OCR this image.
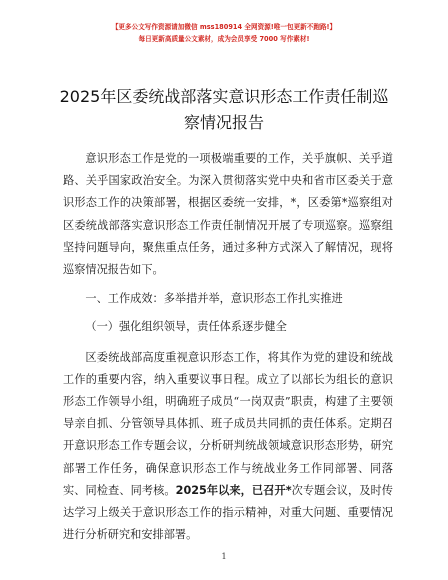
【更多公文写作资源请加微信 mss180914 全网资源!唯一包更新不跑路!】
每日更新高质量公文素材，成为会员享受 7000 写作素材!
2025年区委统战部落实意识形态工作责任制巡察情况报告

意识形态工作是党的一项极端重要的工作，关乎旗帜、关乎道路、关乎国家政治安全。为深入贯彻落实党中央和省市区委关于意识形态工作的决策部署，根据区委统一安排，*，区委第*巡察组对区委统战部落实意识形态工作责任制情况开展了专项巡察。巡察组坚持问题导向，聚焦重点任务，通过多种方式深入了解情况，现将巡察情况报告如下。

一、工作成效：多举措并举，意识形态工作扎实推进

（一）强化组织领导，责任体系逐步健全

区委统战部高度重视意识形态工作，将其作为党的建设和统战工作的重要内容，纳入重要议事日程。成立了以部长为组长的意识形态工作领导小组，明确班子成员“一岗双责”职责，构建了主要领导亲自抓、分管领导具体抓、班子成员共同抓的责任体系。定期召开意识形态工作专题会议，分析研判统战领域意识形态形势，研究部署工作任务，确保意识形态工作与统战业务工作同部署、同落实、同检查、同考核。2025年以来，已召开*次专题会议，及时传达学习上级关于意识形态工作的指示精神，对重大问题、重要情况进行分析研究和安排部署。

1
